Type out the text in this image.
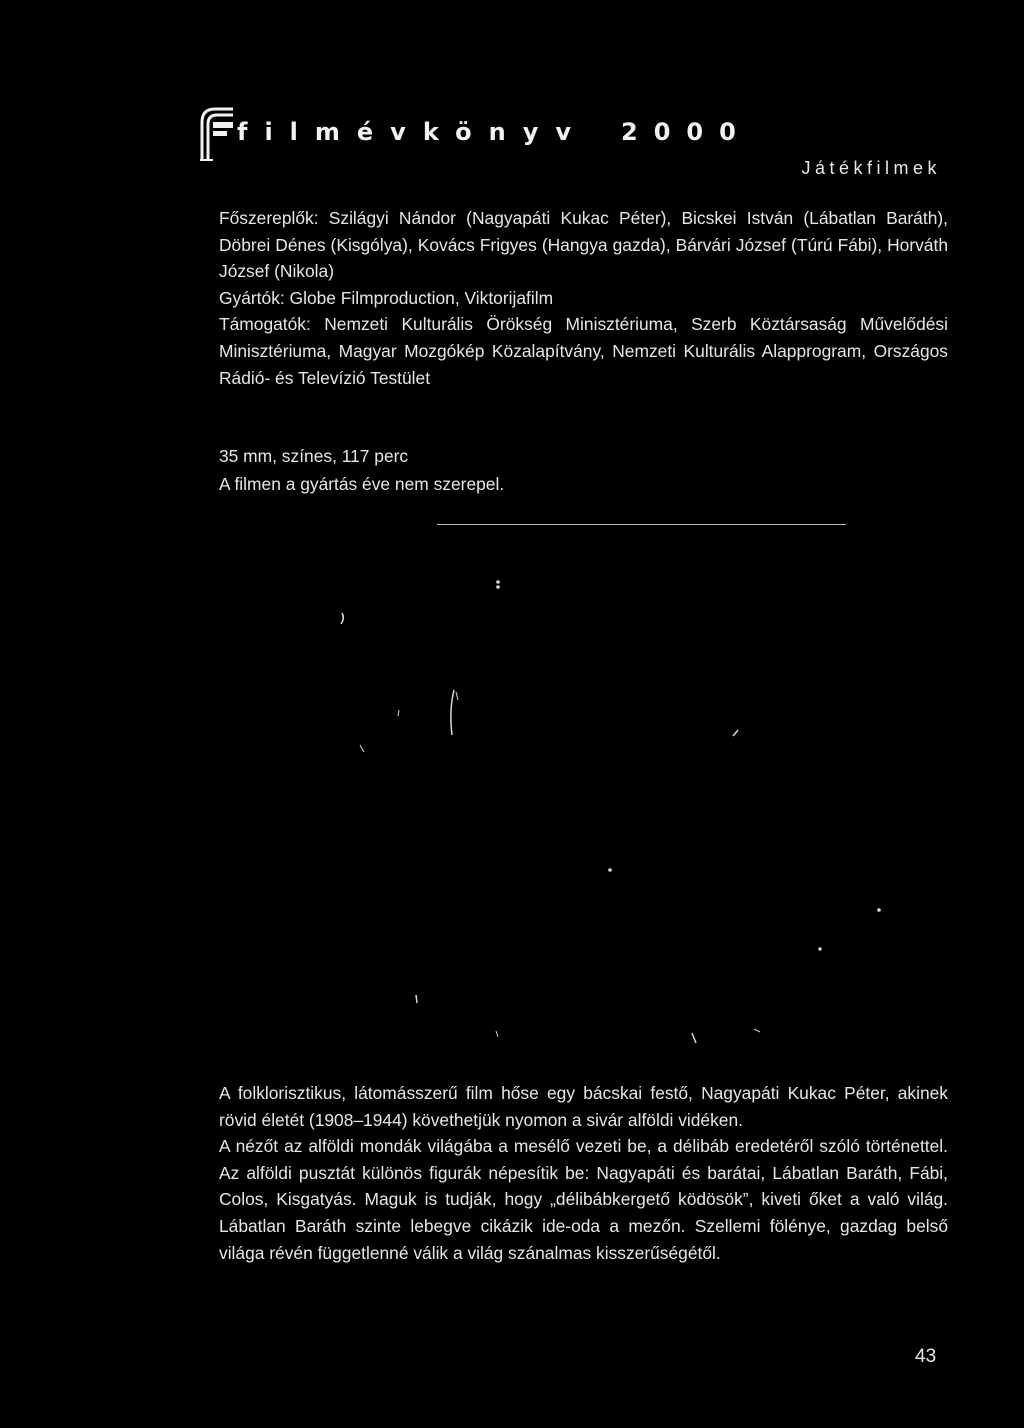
filmévkönyv 2000
Játékfilmek

Főszereplők: Szilágyi Nándor (Nagyapáti Kukac Péter), Bicskei István (Lábatlan Baráth), Döbrei Dénes (Kisgólya), Kovács Frigyes (Hangya gazda), Bárvári József (Túrú Fábi), Horváth József (Nikola)

Gyártók: Globe Filmproduction, Viktorijafilm

Támogatók: Nemzeti Kulturális Örökség Minisztériuma, Szerb Köztársaság Művelődési Minisztériuma, Magyar Mozgókép Közalapítvány, Nemzeti Kulturális Alapprogram, Országos Rádió- és Televízió Testület

35 mm, színes, 117 perc

A filmen a gyártás éve nem szerepel.

A folklorisztikus, látomásszerű film hőse egy bácskai festő, Nagyapáti Kukac Péter, akinek rövid életét (1908–1944) követhetjük nyomon a sivár alföldi vidéken.

A nézőt az alföldi mondák világába a mesélő vezeti be, a délibáb eredetéről szóló történettel. Az alföldi pusztát különös figurák népesítik be: Nagyapáti és barátai, Lábatlan Baráth, Fábi, Colos, Kisgatyás. Maguk is tudják, hogy „délibábkergető ködösök”, kiveti őket a való világ. Lábatlan Baráth szinte lebegve cikázik ide-oda a mezőn. Szellemi fölénye, gazdag belső világa révén függetlenné válik a világ szánalmas kisszerűségétől.

43
